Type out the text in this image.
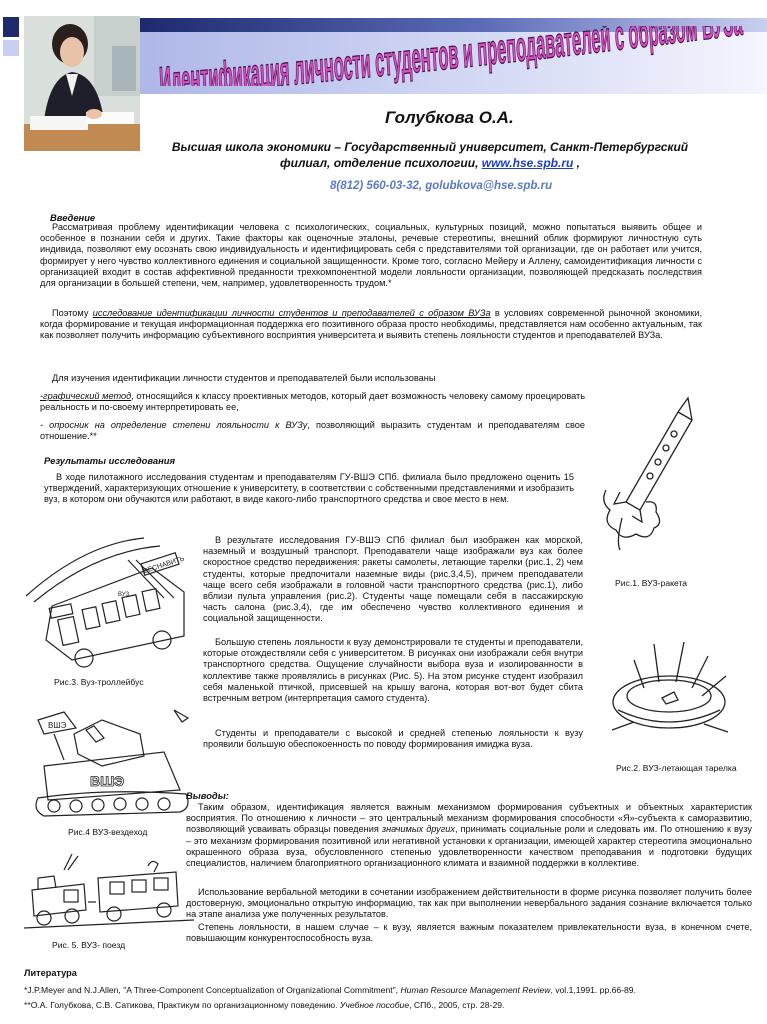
Идентификация личности студентов и преподавателей с образо
Голубкова О.А.
Высшая школа экономики – Государственный университет, Санкт-Петербургский
филиал, отделение психологии, www.hse.spb.ru ,
8(812) 560-03-32, golubkova@hse.spb.ru
Введение

Рассматривая проблему идентификации человека с психологических, социальных, культурных позиций, можно попытаться выявить общее и особенное в познании себя и других. Такие факторы как оценочные эталоны, речевые стереотипы, внешний облик формируют личностную суть индивида, позволяют ему осознать свою индивидуальность и идентифицировать себя с представителями той организации, где он работает или учится, формирует у него чувство коллективного единения и социальной защищенности. Кроме того, согласно Мейеру и Аллену, самоидентификация личности с организацией входит в состав аффективной преданности трехкомпонентной модели лояльности организации, позволяющей предсказать последствия для организации в большей степени, чем, например, удовлетворенность трудом.*

Поэтому исследование идентификации личности студентов и преподавателей с образом ВУЗа в условиях современной рыночной экономики, когда формирование и текущая информационная поддержка его позитивного образа просто необходимы, представляется нам особенно актуальным, так как позволяет получить информацию субъективного восприятия университета и выявить степень лояльности студентов и преподавателей ВУЗа.

Для изучения идентификации личности студентов и преподавателей были использованы

-графический метод, относящийся к классу проективных методов, который дает возможность человеку самому проецировать реальность и по-своему интерпретировать ее,

- опросник на определение степени лояльности к ВУЗу, позволяющий выразить студентам и преподавателям свое отношение.**

Результаты исследования

В ходе пилотажного исследования студентам и преподавателям ГУ-ВШЭ СПб. филиала было предложено оценить 15 утверждений, характеризующих отношение к университету, в соответствии с собственными представлениями и изобразить вуз, в котором они обучаются или работают, в виде какого-либо транспортного средства и свое место в нем.

В результате исследования ГУ-ВШЭ СПб филиал был изображен как морской, наземный и воздушный транспорт. Преподаватели чаще изображали вуз как более скоростное средство передвижения: ракеты самолеты, летающие тарелки (рис.1, 2) чем студенты, которые предпочитали наземные виды (рис.3,4,5), причем преподаватели чаще всего себя изображали в головной части транспортного средства (рис.1), либо вблизи пульта управления (рис.2). Студенты чаще помещали себя в пассажирскую часть салона (рис.3,4), где им обеспечено чувство коллективного единения и социальной защищенности.

Большую степень лояльности к вузу демонстрировали те студенты и преподаватели, которые отождествляли себя с университетом. В рисунках они изображали себя внутри транспортного средства. Ощущение случайности выбора вуза и изолированности в коллективе также проявлялись в рисунках (Рис. 5). На этом рисунке студент изобразил себя маленькой птичкой, присевшей на крышу вагона, которая вот-вот будет сбита встречным ветром (интерпретация самого студента).

Студенты и преподаватели с высокой и средней степенью лояльности к вузу проявили большую обеспокоенность по поводу формирования имиджа вуза.

Рис.1. ВУЗ-ракета
Рис.2. ВУЗ-летающая тарелка
ВЕСНАВИТЬ
ВУЗ
Рис.3. Вуз-троллейбус
ВШЭ
ВШЭ
Рис.4 ВУЗ-вездеход
Рис. 5. ВУЗ- поезд
Выводы:

Таким образом, идентификация является важным механизмом формирования субъектных и объектных характеристик восприятия. По отношению к личности – это центральный механизм формирования способности «Я»-субъекта к саморазвитию, позволяющий усваивать образцы поведения значимых других, принимать социальные роли и следовать им. По отношению к вузу – это механизм формирования позитивной или негативной установки к организации, имеющей характер стереотипа эмоционально окрашенного образа вуза, обусловленного степенью удовлетворенности качеством преподавания и подготовки будущих специалистов, наличием благоприятного организационного климата и взаимной поддержки в коллективе.

Использование вербальной методики в сочетании изображением действительности в форме рисунка позволяет получить более достоверную, эмоционально открытую информацию, так как при выполнении невербального задания сознание включается только на этапе анализа уже полученных результатов.

Степень лояльности, в нашем случае – к вузу, является важным показателем привлекательности вуза, в конечном счете, повышающим конкурентоспособность вуза.

Литература
*J.P.Meyer and N.J.Allen, "A Three-Component Conceptualization of Organizational Commitment", Human Resource Management Review, vol.1,1991. pp.66-89.
**О.А. Голубкова, С.В. Сатикова, Практикум по организационному поведению. Учебное пособие, СПб., 2005, стр. 28-29.
